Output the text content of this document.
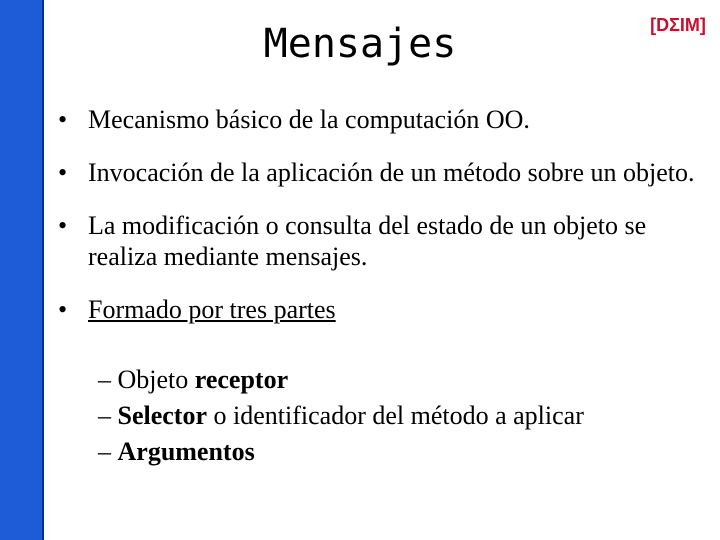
Mensajes	[DΣIM]
• Mecanismo básico de la computación OO.
• Invocación de la aplicación de un método sobre un objeto.
• La modificación o consulta del estado de un objeto se realiza mediante mensajes.
• Formado por tres partes
– Objeto receptor
– Selector o identificador del método a aplicar
– Argumentos
